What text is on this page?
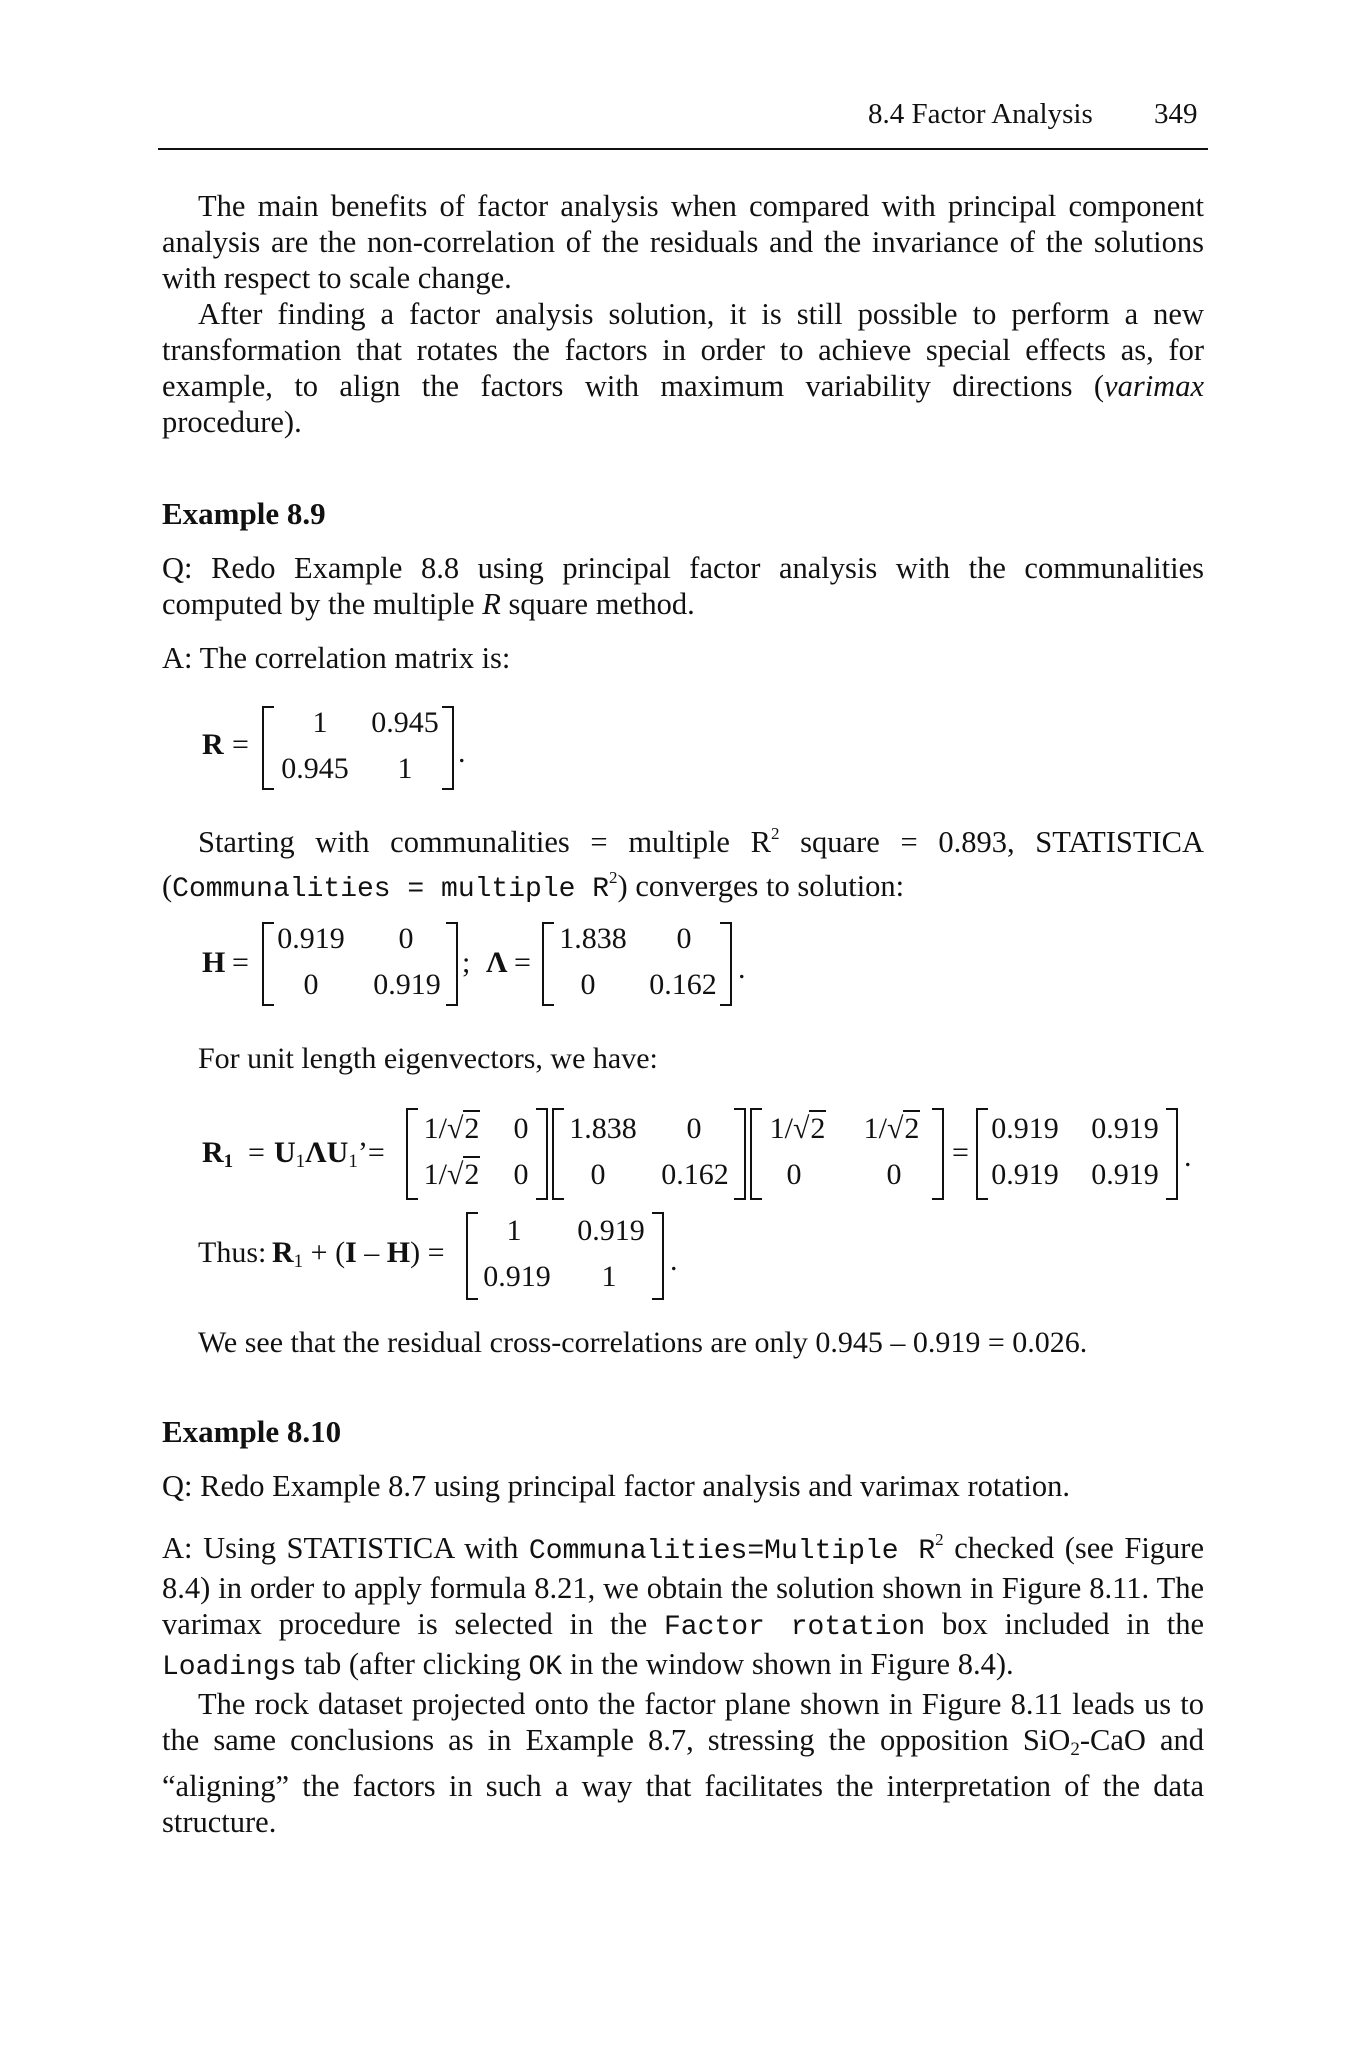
8.4 Factor Analysis 349

The main benefits of factor analysis when compared with principal component analysis are the non-correlation of the residuals and the invariance of the solutions with respect to scale change.

After finding a factor analysis solution, it is still possible to perform a new transformation that rotates the factors in order to achieve special effects as, for example, to align the factors with maximum variability directions (varimax procedure).

Example 8.9

Q: Redo Example 8.8 using principal factor analysis with the communalities computed by the multiple R square method.

A: The correlation matrix is:

R =
1	0.945
0.945	1	.

Starting with communalities = multiple $R^2$ square = 0.893, STATISTICA (Communalities = multiple $R^2$) converges to solution:

H =
0.919	0
0	0.919
; Λ =
1.838	0
0	0.162 .

For unit length eigenvectors, we have:

$R_1$ = $U_1\Lambda U_1’=$
1/√2	0
1/√2	0
1.838	0
0	0.162
1/√2	1/√2
0	0
=
0.919	0.919
0.919	0.919
.
Thus: $R_1 + (I - H)$ =
1	0.919
0.919	1	.

We see that the residual cross-correlations are only 0.945 – 0.919 = 0.026.

Example 8.10

Q: Redo Example 8.7 using principal factor analysis and varimax rotation.

A: Using STATISTICA with Communalities=Multiple $R^2$ checked (see Figure 8.4) in order to apply formula 8.21, we obtain the solution shown in Figure 8.11. The varimax procedure is selected in the Factor rotation box included in the Loadings tab (after clicking OK in the window shown in Figure 8.4).

The rock dataset projected onto the factor plane shown in Figure 8.11 leads us to the same conclusions as in Example 8.7, stressing the opposition SiO$_2$-CaO and “aligning” the factors in such a way that facilitates the interpretation of the data structure.
